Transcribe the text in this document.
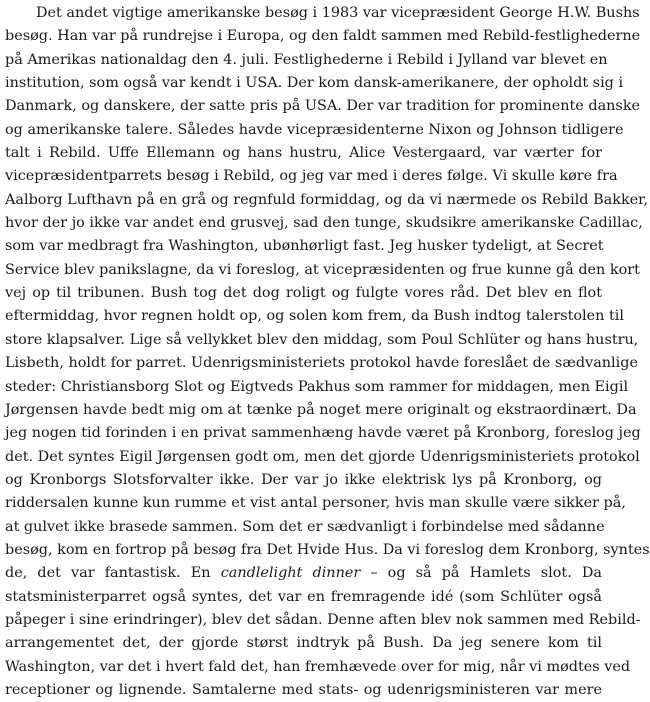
Det andet vigtige amerikanske besøg i 1983 var vicepræsident George H.W. Bushs
besøg. Han var på rundrejse i Europa, og den faldt sammen med Rebild-festlighederne
på Amerikas nationaldag den 4. juli. Festlighederne i Rebild i Jylland var blevet en
institution, som også var kendt i USA. Der kom dansk-amerikanere, der opholdt sig i
Danmark, og danskere, der satte pris på USA. Der var tradition for prominente danske
og amerikanske talere. Således havde vicepræsidenterne Nixon og Johnson tidligere
talt i Rebild. Uffe Ellemann og hans hustru, Alice Vestergaard, var værter for
vicepræsidentparrets besøg i Rebild, og jeg var med i deres følge. Vi skulle køre fra
Aalborg Lufthavn på en grå og regnfuld formiddag, og da vi nærmede os Rebild Bakker,
hvor der jo ikke var andet end grusvej, sad den tunge, skudsikre amerikanske Cadillac,
som var medbragt fra Washington, ubønhørligt fast. Jeg husker tydeligt, at Secret
Service blev panikslagne, da vi foreslog, at vicepræsidenten og frue kunne gå den kort
vej op til tribunen. Bush tog det dog roligt og fulgte vores råd. Det blev en flot
eftermiddag, hvor regnen holdt op, og solen kom frem, da Bush indtog talerstolen til
store klapsalver. Lige så vellykket blev den middag, som Poul Schlüter og hans hustru,
Lisbeth, holdt for parret. Udenrigsministeriets protokol havde foreslået de sædvanlige
steder: Christiansborg Slot og Eigtveds Pakhus som rammer for middagen, men Eigil
Jørgensen havde bedt mig om at tænke på noget mere originalt og ekstraordinært. Da
jeg nogen tid forinden i en privat sammenhæng havde været på Kronborg, foreslog jeg
det. Det syntes Eigil Jørgensen godt om, men det gjorde Udenrigsministeriets protokol
og Kronborgs Slotsforvalter ikke. Der var jo ikke elektrisk lys på Kronborg, og
riddersalen kunne kun rumme et vist antal personer, hvis man skulle være sikker på,
at gulvet ikke brasede sammen. Som det er sædvanligt i forbindelse med sådanne
besøg, kom en fortrop på besøg fra Det Hvide Hus. Da vi foreslog dem Kronborg, syntes
de, det var fantastisk. En candlelight dinner – og så på Hamlets slot. Da
statsministerparret også syntes, det var en fremragende idé (som Schlüter også
påpeger i sine erindringer), blev det sådan. Denne aften blev nok sammen med Rebild-
arrangementet det, der gjorde størst indtryk på Bush. Da jeg senere kom til
Washington, var det i hvert fald det, han fremhævede over for mig, når vi mødtes ved
receptioner og lignende. Samtalerne med stats- og udenrigsministeren var mere
